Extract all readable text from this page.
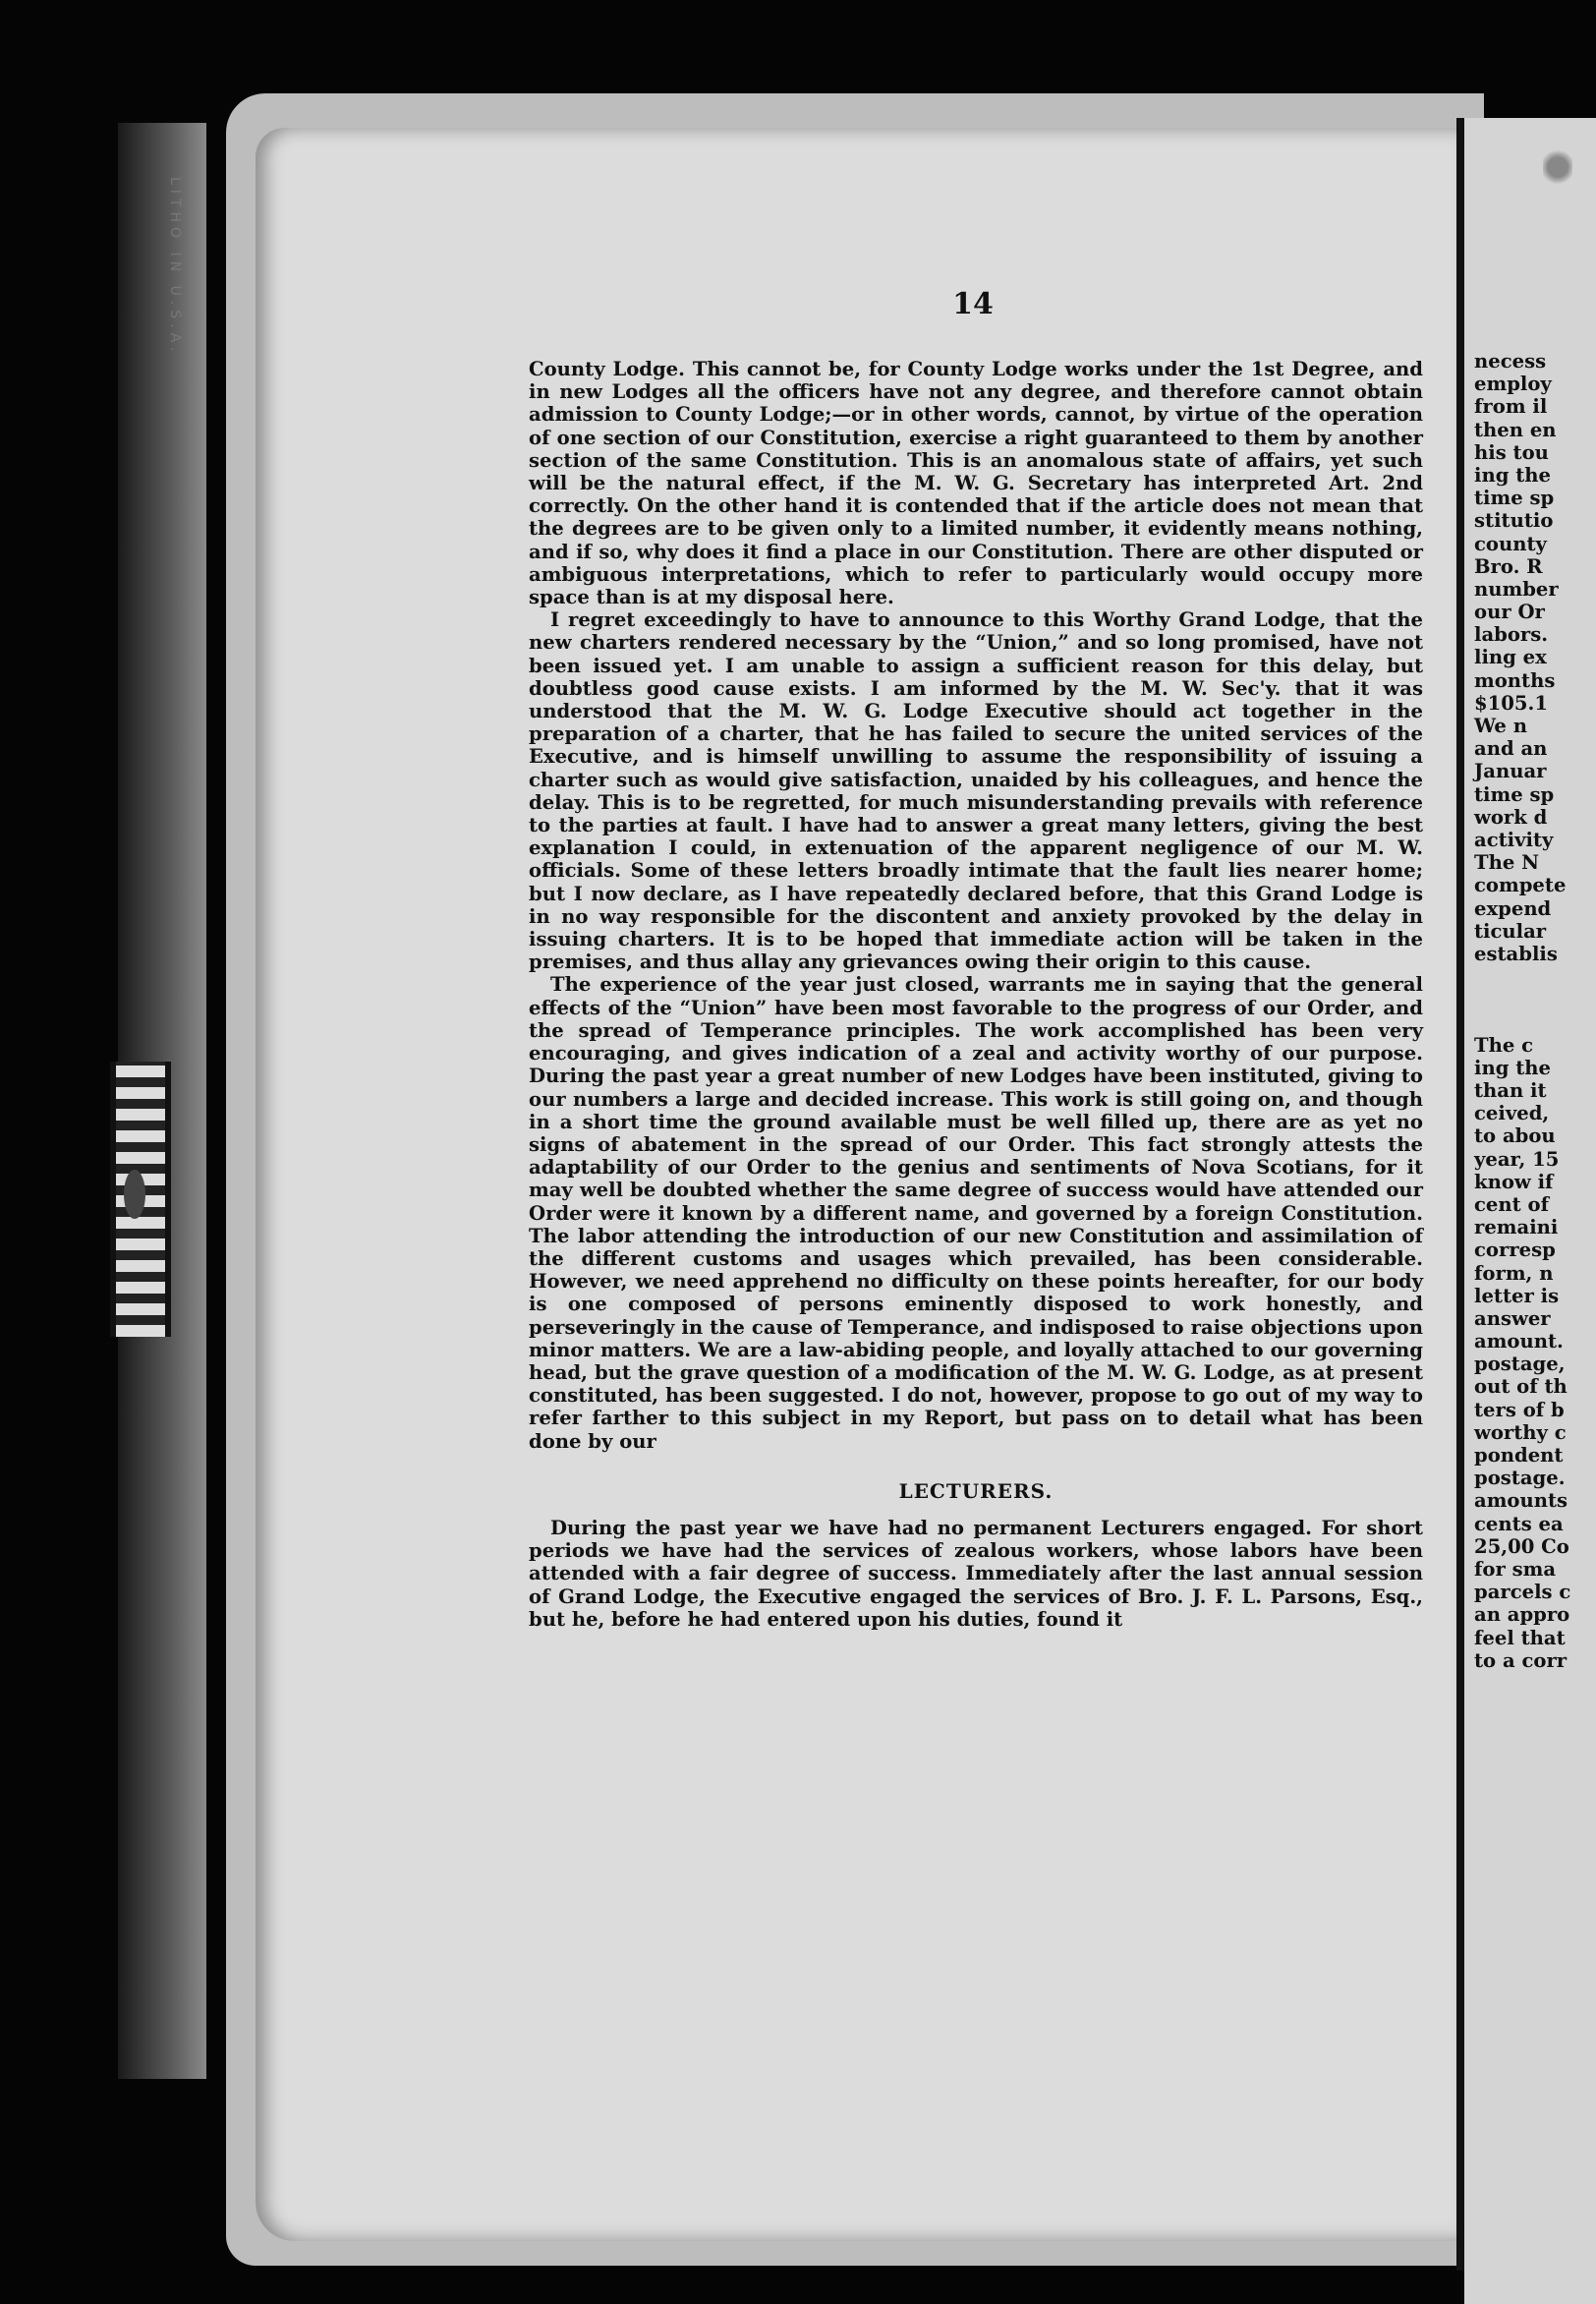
LITHO IN U.S.A.	14

County Lodge. This cannot be, for County Lodge works under the 1st Degree, and in new Lodges all the officers have not any degree, and therefore cannot obtain admission to County Lodge;—or in other words, cannot, by virtue of the operation of one section of our Constitution, exercise a right guaranteed to them by another section of the same Constitution. This is an anomalous state of affairs, yet such will be the natural effect, if the M. W. G. Secretary has interpreted Art. 2nd correctly. On the other hand it is contended that if the article does not mean that the degrees are to be given only to a limited number, it evidently means nothing, and if so, why does it find a place in our Constitution. There are other disputed or ambiguous interpretations, which to refer to particularly would occupy more space than is at my disposal here.

I regret exceedingly to have to announce to this Worthy Grand Lodge, that the new charters rendered necessary by the “Union,” and so long promised, have not been issued yet. I am unable to assign a sufficient reason for this delay, but doubtless good cause exists. I am informed by the M. W. Sec'y. that it was understood that the M. W. G. Lodge Executive should act together in the preparation of a charter, that he has failed to secure the united services of the Executive, and is himself unwilling to assume the responsibility of issuing a charter such as would give satisfaction, unaided by his colleagues, and hence the delay. This is to be regretted, for much misunderstanding prevails with reference to the parties at fault. I have had to answer a great many letters, giving the best explanation I could, in extenuation of the apparent negligence of our M. W. officials. Some of these letters broadly intimate that the fault lies nearer home; but I now declare, as I have repeatedly declared before, that this Grand Lodge is in no way responsible for the discontent and anxiety provoked by the delay in issuing charters. It is to be hoped that immediate action will be taken in the premises, and thus allay any grievances owing their origin to this cause.

The experience of the year just closed, warrants me in saying that the general effects of the “Union” have been most favorable to the progress of our Order, and the spread of Temperance principles. The work accomplished has been very encouraging, and gives indication of a zeal and activity worthy of our purpose. During the past year a great number of new Lodges have been instituted, giving to our numbers a large and decided increase. This work is still going on, and though in a short time the ground available must be well filled up, there are as yet no signs of abatement in the spread of our Order. This fact strongly attests the adaptability of our Order to the genius and sentiments of Nova Scotians, for it may well be doubted whether the same degree of success would have attended our Order were it known by a different name, and governed by a foreign Constitution. The labor attending the introduction of our new Constitution and assimilation of the different customs and usages which prevailed, has been considerable. However, we need apprehend no difficulty on these points hereafter, for our body is one composed of persons eminently disposed to work honestly, and perseveringly in the cause of Temperance, and indisposed to raise objections upon minor matters. We are a law-abiding people, and loyally attached to our governing head, but the grave question of a modification of the M. W. G. Lodge, as at present constituted, has been suggested. I do not, however, propose to go out of my way to refer farther to this subject in my Report, but pass on to detail what has been done by our

LECTURERS.

During the past year we have had no permanent Lecturers engaged. For short periods we have had the services of zealous workers, whose labors have been attended with a fair degree of success. Immediately after the last annual session of Grand Lodge, the Executive engaged the services of Bro. J. F. L. Parsons, Esq., but he, before he had entered upon his duties, found it

necess
employ
from il
then en
his tou
ing the
time sp
stitutio
county
Bro. R
number
our Or
labors.
ling ex
months
$105.1
We n
and an
Januar
time sp
work d
activity
The N
compete
expend
ticular
establis
The c
ing the
than it
ceived,
to abou
year, 15
know if
cent of
remaini
corresp
form, n
letter is
answer
amount.
postage,
out of th
ters of b
worthy c
pondent
postage.
amounts
cents ea
25,00 Co
for sma
parcels c
an appro
feel that
to a corr
